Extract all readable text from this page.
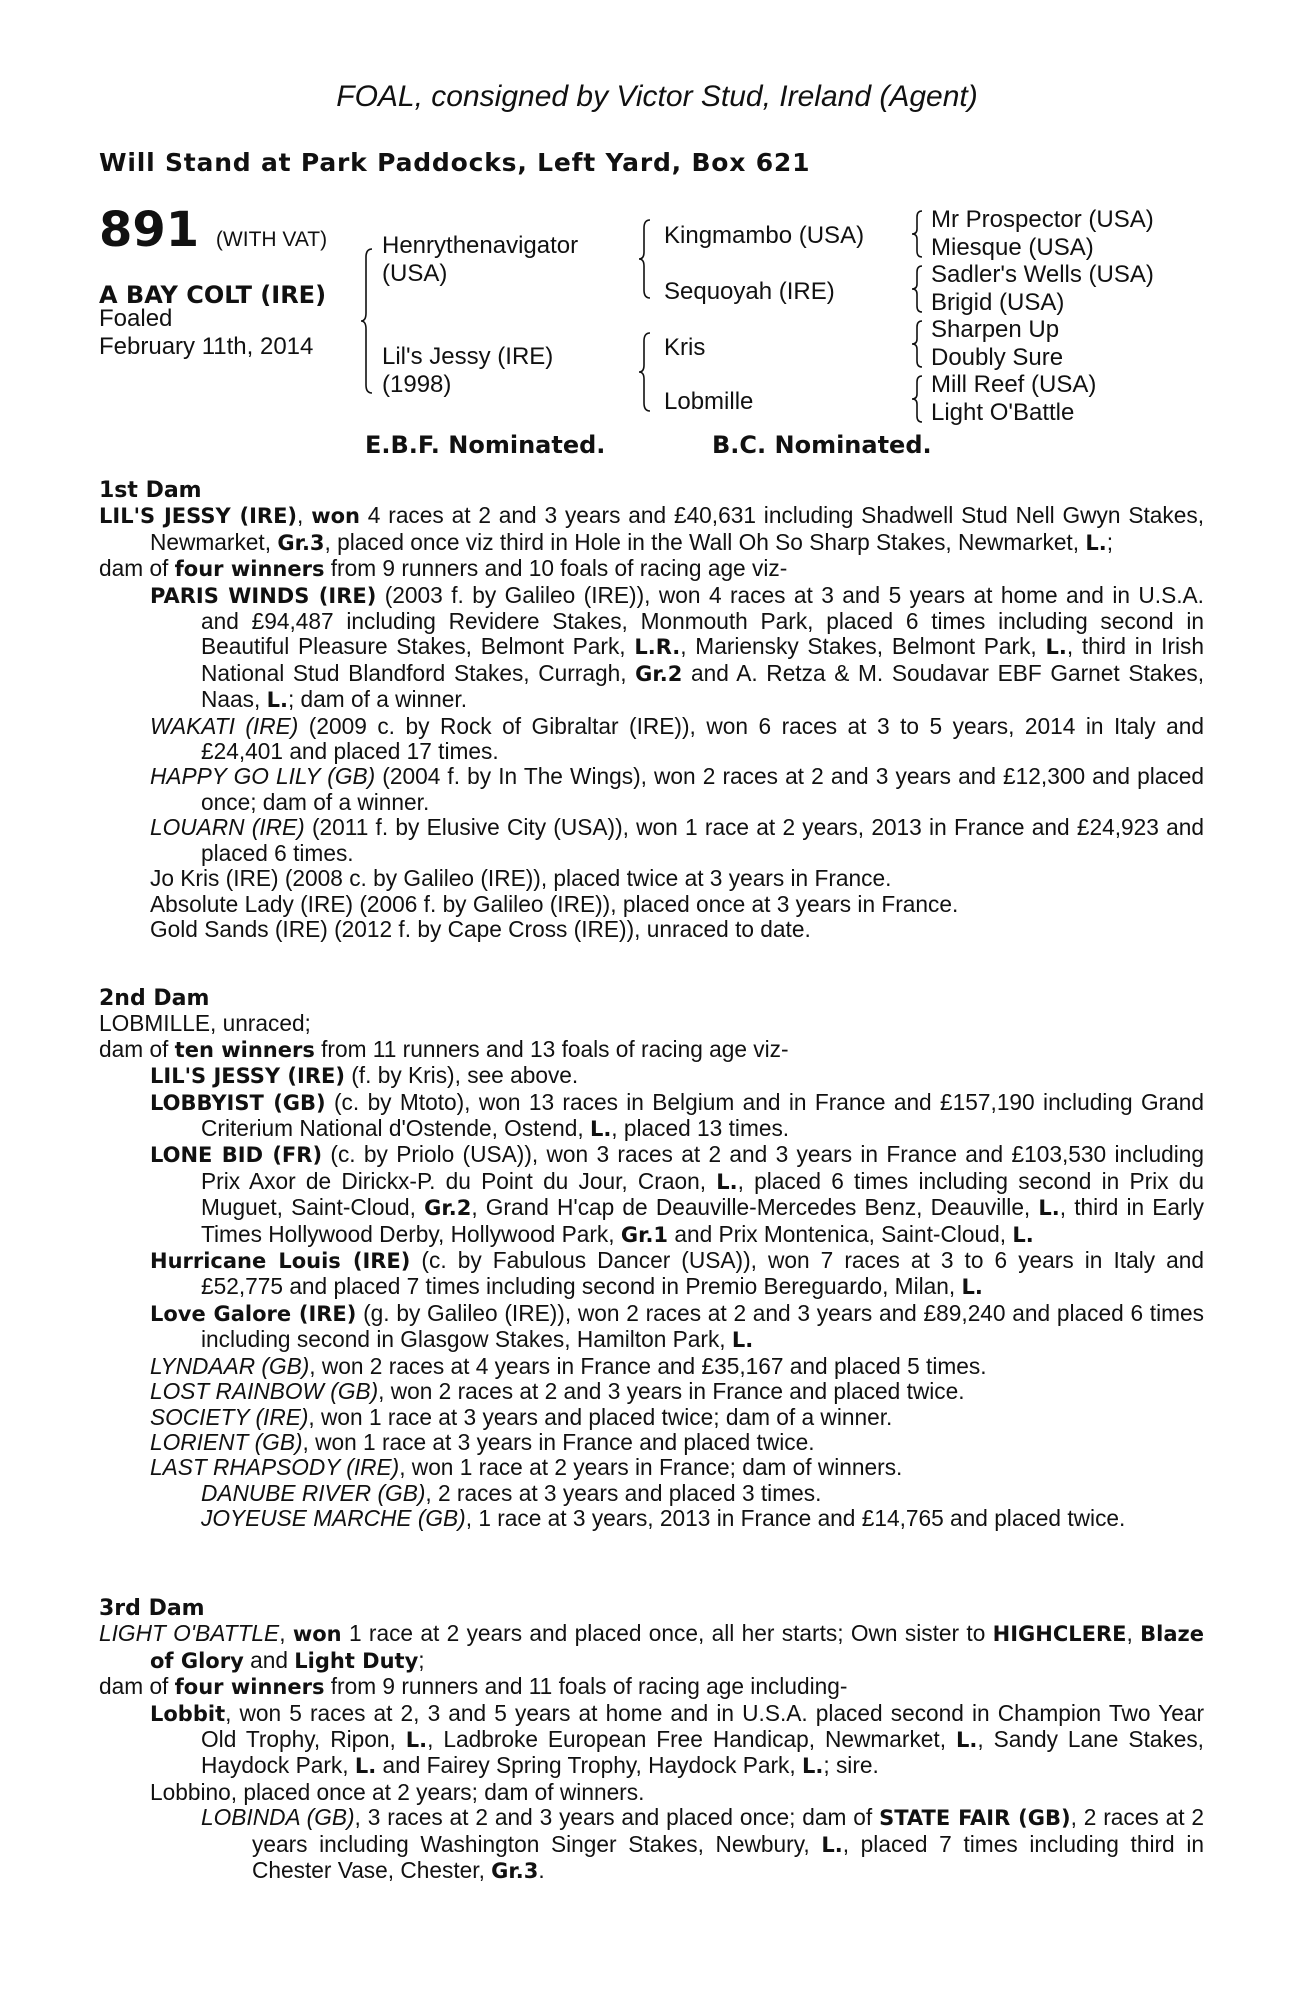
FOAL, consigned by Victor Stud, Ireland (Agent)
Will Stand at Park Paddocks, Left Yard, Box 621
891 (WITH VAT)
A BAY COLT (IRE)
Foaled
February 11th, 2014
Henrythenavigator
(USA)
Lil's Jessy (IRE)
(1998)
Kingmambo (USA)
Sequoyah (IRE)
Kris
Lobmille
Mr Prospector (USA)
Miesque (USA)
Sadler's Wells (USA)
Brigid (USA)
Sharpen Up
Doubly Sure
Mill Reef (USA)
Light O'Battle
E.B.F. Nominated.	B.C. Nominated.
1st Dam
LIL'S JESSY (IRE), won 4 races at 2 and 3 years and £40,631 including Shadwell Stud Nell Gwyn Stakes, Newmarket, Gr.3, placed once viz third in Hole in the Wall Oh So Sharp Stakes, Newmarket, L.;
dam of four winners from 9 runners and 10 foals of racing age viz-
PARIS WINDS (IRE) (2003 f. by Galileo (IRE)), won 4 races at 3 and 5 years at home and in U.S.A. and £94,487 including Revidere Stakes, Monmouth Park, placed 6 times including second in Beautiful Pleasure Stakes, Belmont Park, L.R., Mariensky Stakes, Belmont Park, L., third in Irish National Stud Blandford Stakes, Curragh, Gr.2 and A. Retza & M. Soudavar EBF Garnet Stakes, Naas, L.; dam of a winner.
WAKATI (IRE) (2009 c. by Rock of Gibraltar (IRE)), won 6 races at 3 to 5 years, 2014 in Italy and £24,401 and placed 17 times.
HAPPY GO LILY (GB) (2004 f. by In The Wings), won 2 races at 2 and 3 years and £12,300 and placed once; dam of a winner.
LOUARN (IRE) (2011 f. by Elusive City (USA)), won 1 race at 2 years, 2013 in France and £24,923 and placed 6 times.
Jo Kris (IRE) (2008 c. by Galileo (IRE)), placed twice at 3 years in France.
Absolute Lady (IRE) (2006 f. by Galileo (IRE)), placed once at 3 years in France.
Gold Sands (IRE) (2012 f. by Cape Cross (IRE)), unraced to date.
2nd Dam
LOBMILLE, unraced;
dam of ten winners from 11 runners and 13 foals of racing age viz-
LIL'S JESSY (IRE) (f. by Kris), see above.
LOBBYIST (GB) (c. by Mtoto), won 13 races in Belgium and in France and £157,190 including Grand Criterium National d'Ostende, Ostend, L., placed 13 times.
LONE BID (FR) (c. by Priolo (USA)), won 3 races at 2 and 3 years in France and £103,530 including Prix Axor de Dirickx-P. du Point du Jour, Craon, L., placed 6 times including second in Prix du Muguet, Saint-Cloud, Gr.2, Grand H'cap de Deauville-Mercedes Benz, Deauville, L., third in Early Times Hollywood Derby, Hollywood Park, Gr.1 and Prix Montenica, Saint-Cloud, L.
Hurricane Louis (IRE) (c. by Fabulous Dancer (USA)), won 7 races at 3 to 6 years in Italy and £52,775 and placed 7 times including second in Premio Bereguardo, Milan, L.
Love Galore (IRE) (g. by Galileo (IRE)), won 2 races at 2 and 3 years and £89,240 and placed 6 times including second in Glasgow Stakes, Hamilton Park, L.
LYNDAAR (GB), won 2 races at 4 years in France and £35,167 and placed 5 times.
LOST RAINBOW (GB), won 2 races at 2 and 3 years in France and placed twice.
SOCIETY (IRE), won 1 race at 3 years and placed twice; dam of a winner.
LORIENT (GB), won 1 race at 3 years in France and placed twice.
LAST RHAPSODY (IRE), won 1 race at 2 years in France; dam of winners.
DANUBE RIVER (GB), 2 races at 3 years and placed 3 times.
JOYEUSE MARCHE (GB), 1 race at 3 years, 2013 in France and £14,765 and placed twice.
3rd Dam
LIGHT O'BATTLE, won 1 race at 2 years and placed once, all her starts; Own sister to HIGHCLERE, Blaze of Glory and Light Duty;
dam of four winners from 9 runners and 11 foals of racing age including-
Lobbit, won 5 races at 2, 3 and 5 years at home and in U.S.A. placed second in Champion Two Year Old Trophy, Ripon, L., Ladbroke European Free Handicap, Newmarket, L., Sandy Lane Stakes, Haydock Park, L. and Fairey Spring Trophy, Haydock Park, L.; sire.
Lobbino, placed once at 2 years; dam of winners.
LOBINDA (GB), 3 races at 2 and 3 years and placed once; dam of STATE FAIR (GB), 2 races at 2 years including Washington Singer Stakes, Newbury, L., placed 7 times including third in Chester Vase, Chester, Gr.3.
